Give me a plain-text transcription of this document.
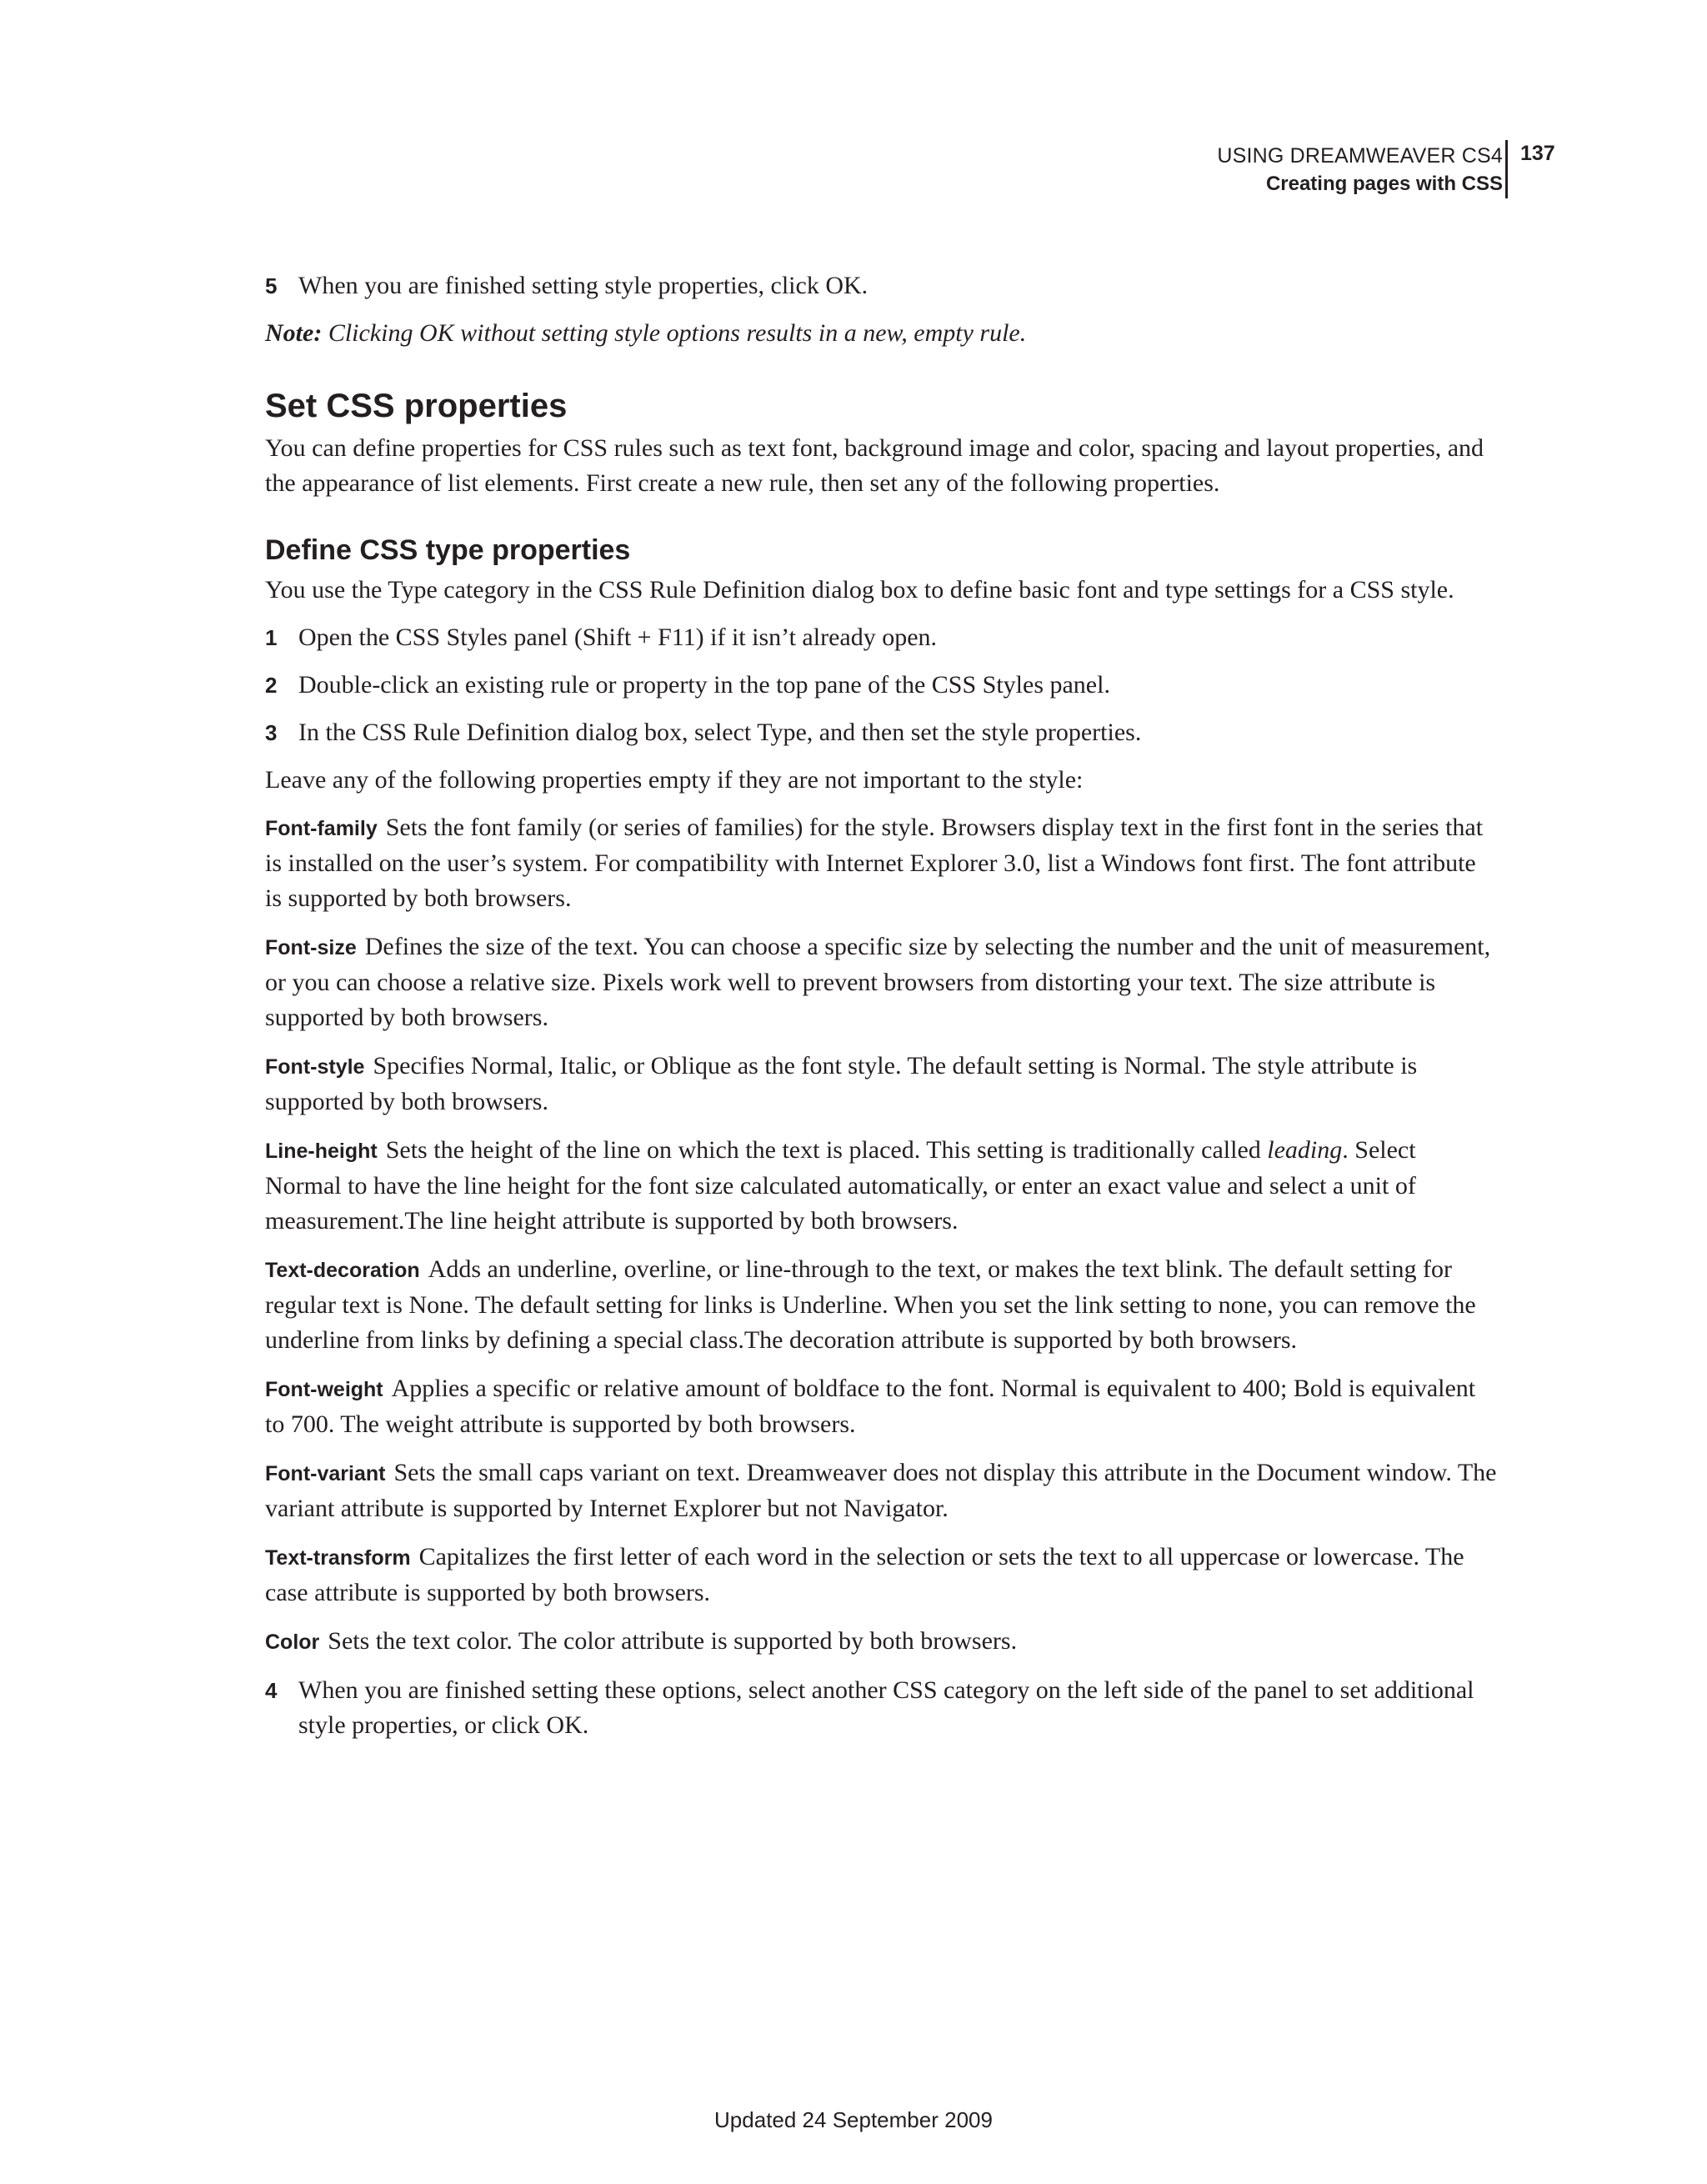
USING DREAMWEAVER CS4
Creating pages with CSS
137
5 When you are finished setting style properties, click OK.

Note: Clicking OK without setting style options results in a new, empty rule.

Set CSS properties

You can define properties for CSS rules such as text font, background image and color, spacing and layout properties, and the appearance of list elements. First create a new rule, then set any of the following properties.

Define CSS type properties

You use the Type category in the CSS Rule Definition dialog box to define basic font and type settings for a CSS style.

1 Open the CSS Styles panel (Shift + F11) if it isn’t already open.
2 Double-click an existing rule or property in the top pane of the CSS Styles panel.
3 In the CSS Rule Definition dialog box, select Type, and then set the style properties.

Leave any of the following properties empty if they are not important to the style:

Font-family Sets the font family (or series of families) for the style. Browsers display text in the first font in the series that is installed on the user’s system. For compatibility with Internet Explorer 3.0, list a Windows font first. The font attribute is supported by both browsers.

Font-size Defines the size of the text. You can choose a specific size by selecting the number and the unit of measurement, or you can choose a relative size. Pixels work well to prevent browsers from distorting your text. The size attribute is supported by both browsers.

Font-style Specifies Normal, Italic, or Oblique as the font style. The default setting is Normal. The style attribute is supported by both browsers.

Line-height Sets the height of the line on which the text is placed. This setting is traditionally called leading. Select Normal to have the line height for the font size calculated automatically, or enter an exact value and select a unit of measurement.The line height attribute is supported by both browsers.

Text-decoration Adds an underline, overline, or line-through to the text, or makes the text blink. The default setting for regular text is None. The default setting for links is Underline. When you set the link setting to none, you can remove the underline from links by defining a special class.The decoration attribute is supported by both browsers.

Font-weight Applies a specific or relative amount of boldface to the font. Normal is equivalent to 400; Bold is equivalent to 700. The weight attribute is supported by both browsers.

Font-variant Sets the small caps variant on text. Dreamweaver does not display this attribute in the Document window. The variant attribute is supported by Internet Explorer but not Navigator.

Text-transform Capitalizes the first letter of each word in the selection or sets the text to all uppercase or lowercase. The case attribute is supported by both browsers.

Color Sets the text color. The color attribute is supported by both browsers.

4 When you are finished setting these options, select another CSS category on the left side of the panel to set additional style properties, or click OK.
Updated 24 September 2009
